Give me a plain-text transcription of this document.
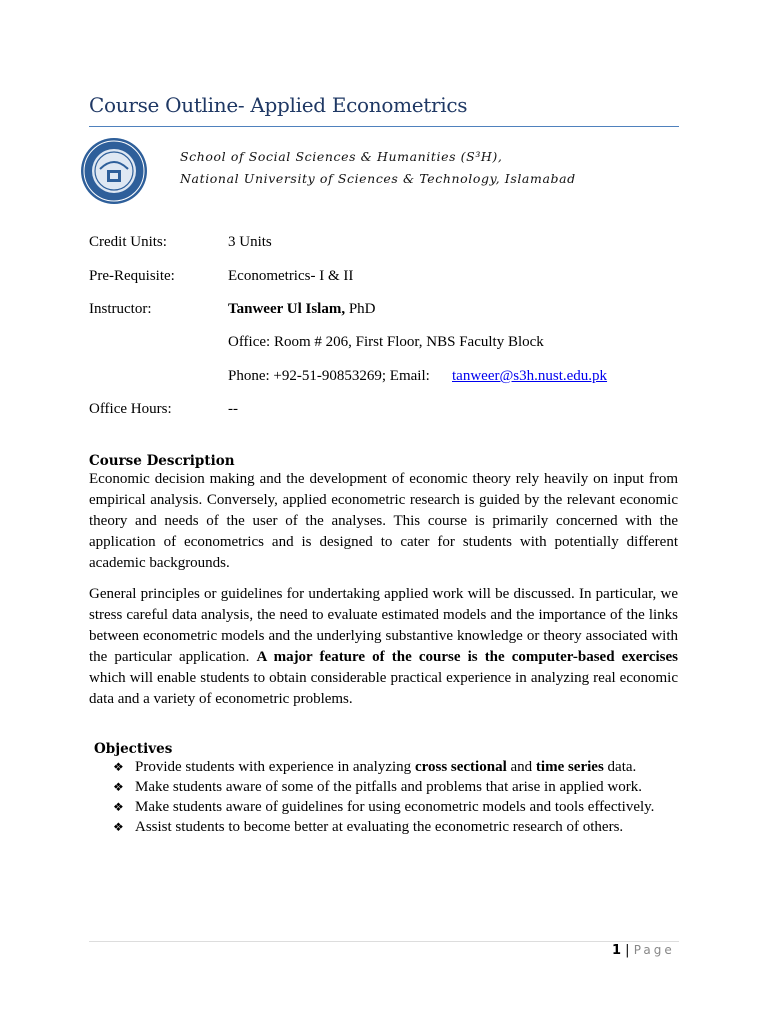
Course Outline- Applied Econometrics
School of Social Sciences & Humanities (S³H),
National University of Sciences & Technology, Islamabad
Credit Units:	3 Units
Pre-Requisite:	Econometrics- I & II
Instructor:	Tanweer Ul Islam, PhD
Office: Room # 206, First Floor, NBS Faculty Block
Phone: +92-51-90853269; Email: tanweer@s3h.nust.edu.pk
Office Hours:	--
Course Description
Economic decision making and the development of economic theory rely heavily on input from empirical analysis. Conversely, applied econometric research is guided by the relevant economic theory and needs of the user of the analyses. This course is primarily concerned with the application of econometrics and is designed to cater for students with potentially different academic backgrounds.
General principles or guidelines for undertaking applied work will be discussed. In particular, we stress careful data analysis, the need to evaluate estimated models and the importance of the links between econometric models and the underlying substantive knowledge or theory associated with the particular application. A major feature of the course is the computer-based exercises which will enable students to obtain considerable practical experience in analyzing real economic data and a variety of econometric problems.
Objectives
❖ Provide students with experience in analyzing cross sectional and time series data.
❖ Make students aware of some of the pitfalls and problems that arise in applied work.
❖ Make students aware of guidelines for using econometric models and tools effectively.
❖ Assist students to become better at evaluating the econometric research of others.
1 | Page
